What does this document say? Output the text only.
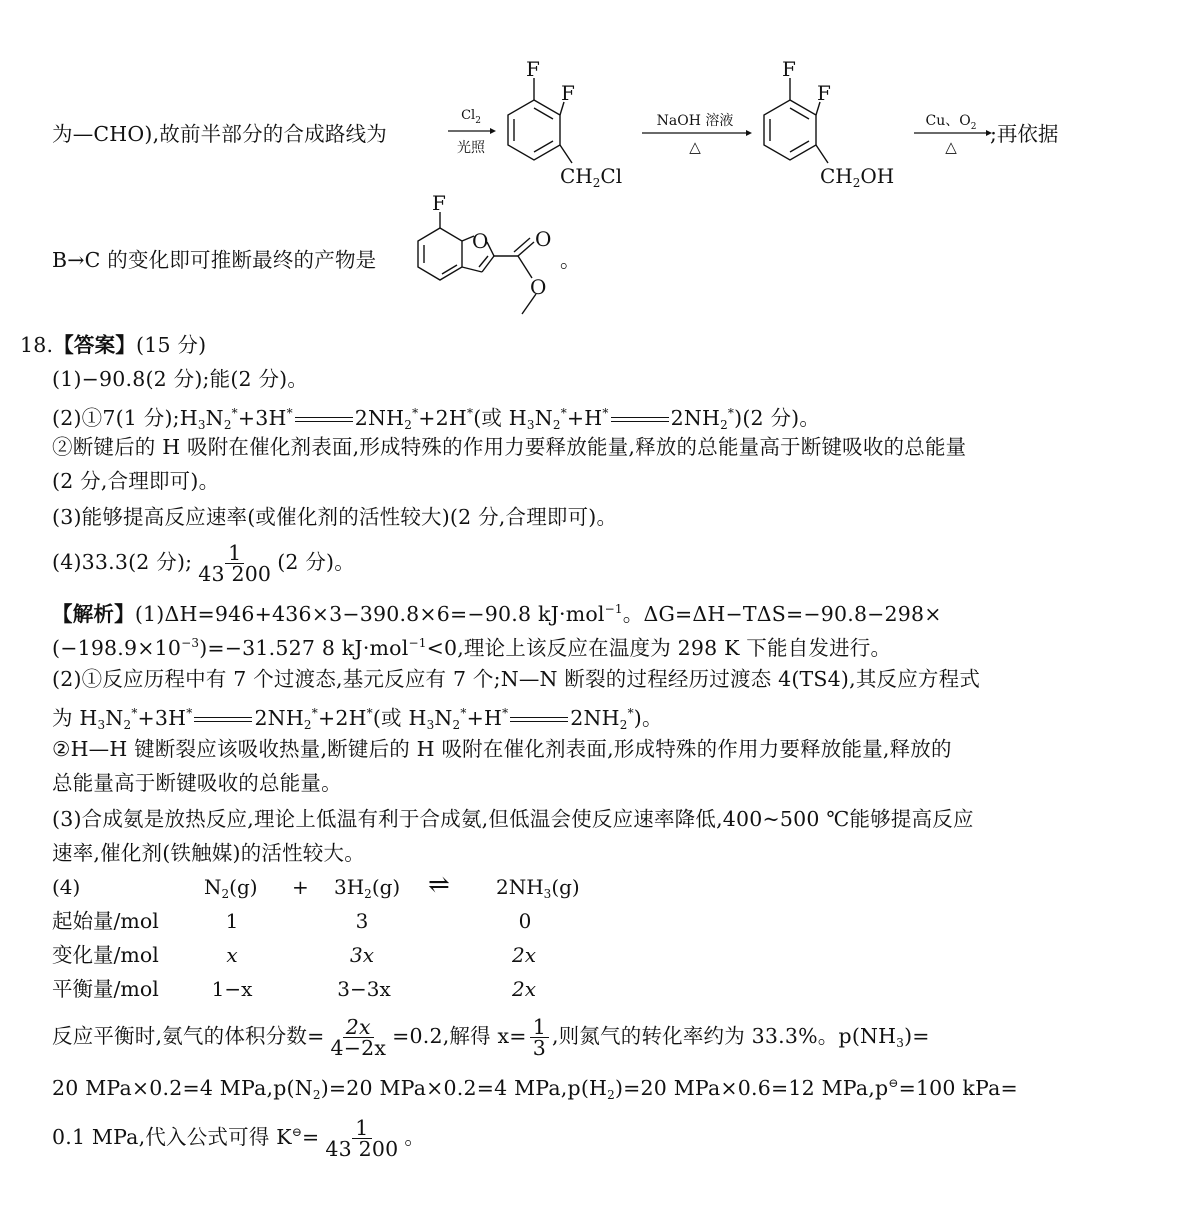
为—CHO),故前半部分的合成路线为
$Cl_2$
光照
F
F
$CH_2Cl$
NaOH 溶液
△
F
F
$CH_2OH$
Cu、$O_2$
△
;再依据
B→C 的变化即可推断最终的产物是
F
O O
O
。
18.【答案】(15 分)
(1)−90.8(2 分);能(2 分)。
(2)①7(1 分)$;H_3N_2^*+3H^*$	$2NH_2^*+2H^*$(或 $H_3N_2^*+H^*$	$2NH_2^*)(2$ 分)。
②断键后的 H 吸附在催化剂表面,形成特殊的作用力要释放能量,释放的总能量高于断键吸收的总能量
(2 分,合理即可)。
(3)能够提高反应速率(或催化剂的活性较大)(2 分,合理即可)。
(4)33.3(2 分); $\frac{1}{43 200} (2$ 分)。
【解析】(1)ΔH=946+436×3−390.8×6=−90.8 kJ·mol$^{-1}$。ΔG=ΔH−TΔS=−90.8−298×
$(-198.9\times 10^{-3})=-31.527$ 8 kJ·mol$^{-1}$<0,理论上该反应在温度为 298 K 下能自发进行。
(2)①反应历程中有 7 个过渡态,基元反应有 7 个;N—N 断裂的过程经历过渡态 4(TS4),其反应方程式
为 $H_3N_2^*+3H^*$	$2NH_2^*+2H^*$(或 $H_3N_2^*+H^*$	$2NH_2^*$)。
②H—H 键断裂应该吸收热量,断键后的 H 吸附在催化剂表面,形成特殊的作用力要释放能量,释放的
总能量高于断键吸收的总能量。
(3)合成氨是放热反应,理论上低温有利于合成氨,但低温会使反应速率降低,400~500 ℃能够提高反应
速率,催化剂(铁触媒)的活性较大。
(4)	$N_2(g) + 3H_2(g)$ ⇌ $2NH_3(g)$
起始量/mol	1	3	0
变化量/mol	x	3x	2x
平衡量/mol	1−x	3−3x	2x
反应平衡时,氨气的体积分数= $\frac{2x}{4-2x} =0.2$,解得 $x= \frac{1}{3}$ ,则氮气的转化率约为 33.3%。$p(NH_3)=$
20 MPa×0.2=4 $MPa,p(N_2)=20$ MPa×0.2=4 $MPa,p(H_2)=20$ MPa×0.6=12 MPa,p⊖=100 kPa=
0.1 MPa,代入公式可得 $K^⊖= \frac{1}{43 200}$ 。
